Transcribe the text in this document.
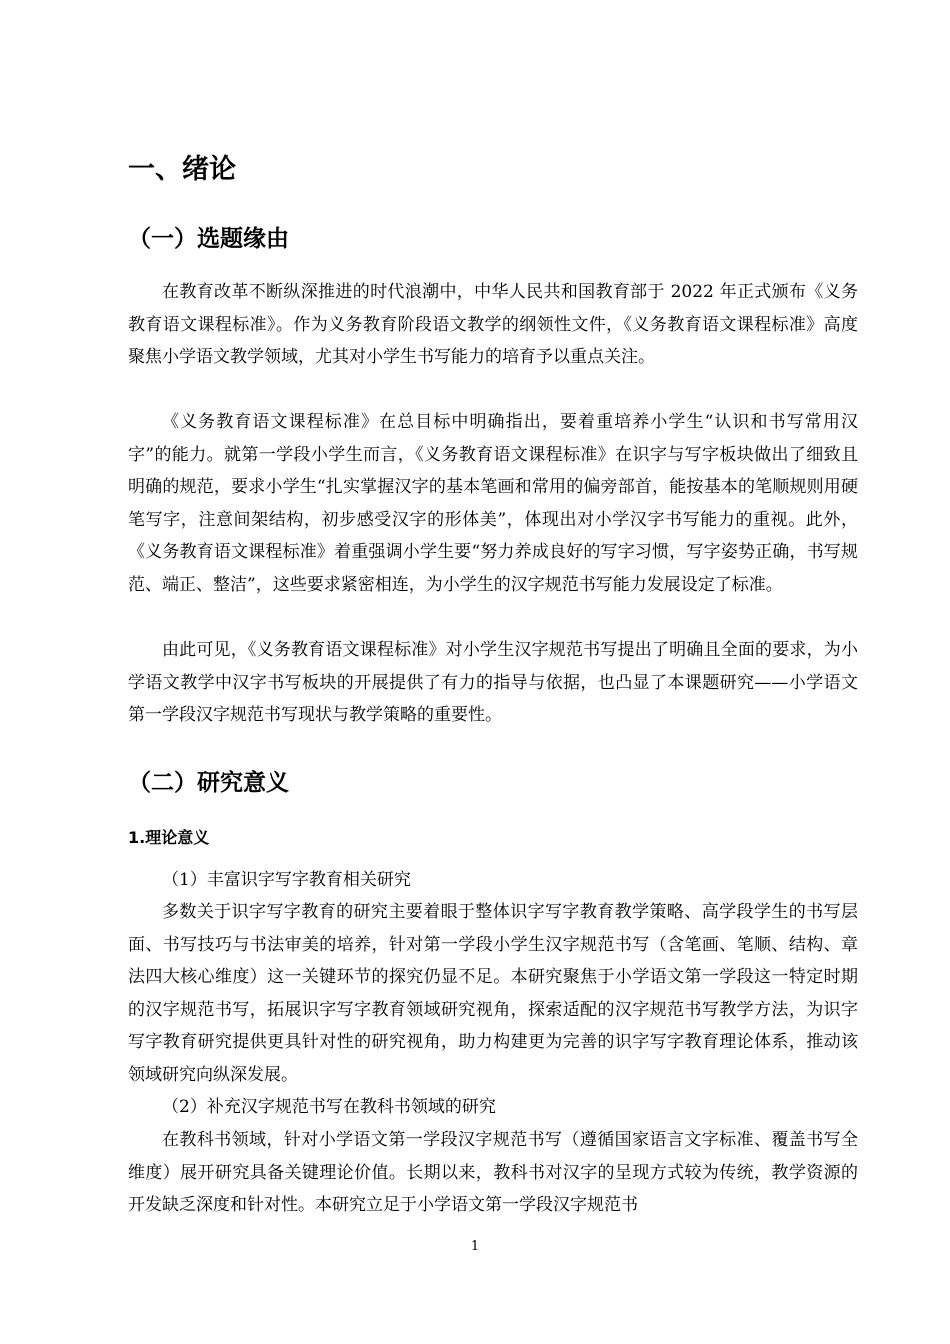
一、绪论
（一）选题缘由

在教育改革不断纵深推进的时代浪潮中，中华人民共和国教育部于 2022 年正式颁布《义务教育语文课程标准》。作为义务教育阶段语文教学的纲领性文件，《义务教育语文课程标准》高度聚焦小学语文教学领域，尤其对小学生书写能力的培育予以重点关注。

《义务教育语文课程标准》在总目标中明确指出，要着重培养小学生“认识和书写常用汉字”的能力。就第一学段小学生而言，《义务教育语文课程标准》在识字与写字板块做出了细致且明确的规范，要求小学生“扎实掌握汉字的基本笔画和常用的偏旁部首，能按基本的笔顺规则用硬笔写字，注意间架结构，初步感受汉字的形体美”，体现出对小学汉字书写能力的重视。此外，《义务教育语文课程标准》着重强调小学生要“努力养成良好的写字习惯，写字姿势正确，书写规范、端正、整洁”，这些要求紧密相连，为小学生的汉字规范书写能力发展设定了标准。

由此可见，《义务教育语文课程标准》对小学生汉字规范书写提出了明确且全面的要求，为小学语文教学中汉字书写板块的开展提供了有力的指导与依据，也凸显了本课题研究——小学语文第一学段汉字规范书写现状与教学策略的重要性。

（二）研究意义
1.理论意义

（1）丰富识字写字教育相关研究

多数关于识字写字教育的研究主要着眼于整体识字写字教育教学策略、高学段学生的书写层面、书写技巧与书法审美的培养，针对第一学段小学生汉字规范书写（含笔画、笔顺、结构、章法四大核心维度）这一关键环节的探究仍显不足。本研究聚焦于小学语文第一学段这一特定时期的汉字规范书写，拓展识字写字教育领域研究视角，探索适配的汉字规范书写教学方法，为识字写字教育研究提供更具针对性的研究视角，助力构建更为完善的识字写字教育理论体系，推动该领域研究向纵深发展。

（2）补充汉字规范书写在教科书领域的研究

在教科书领域，针对小学语文第一学段汉字规范书写（遵循国家语言文字标准、覆盖书写全维度）展开研究具备关键理论价值。长期以来，教科书对汉字的呈现方式较为传统，教学资源的开发缺乏深度和针对性。本研究立足于小学语文第一学段汉字规范书

1
